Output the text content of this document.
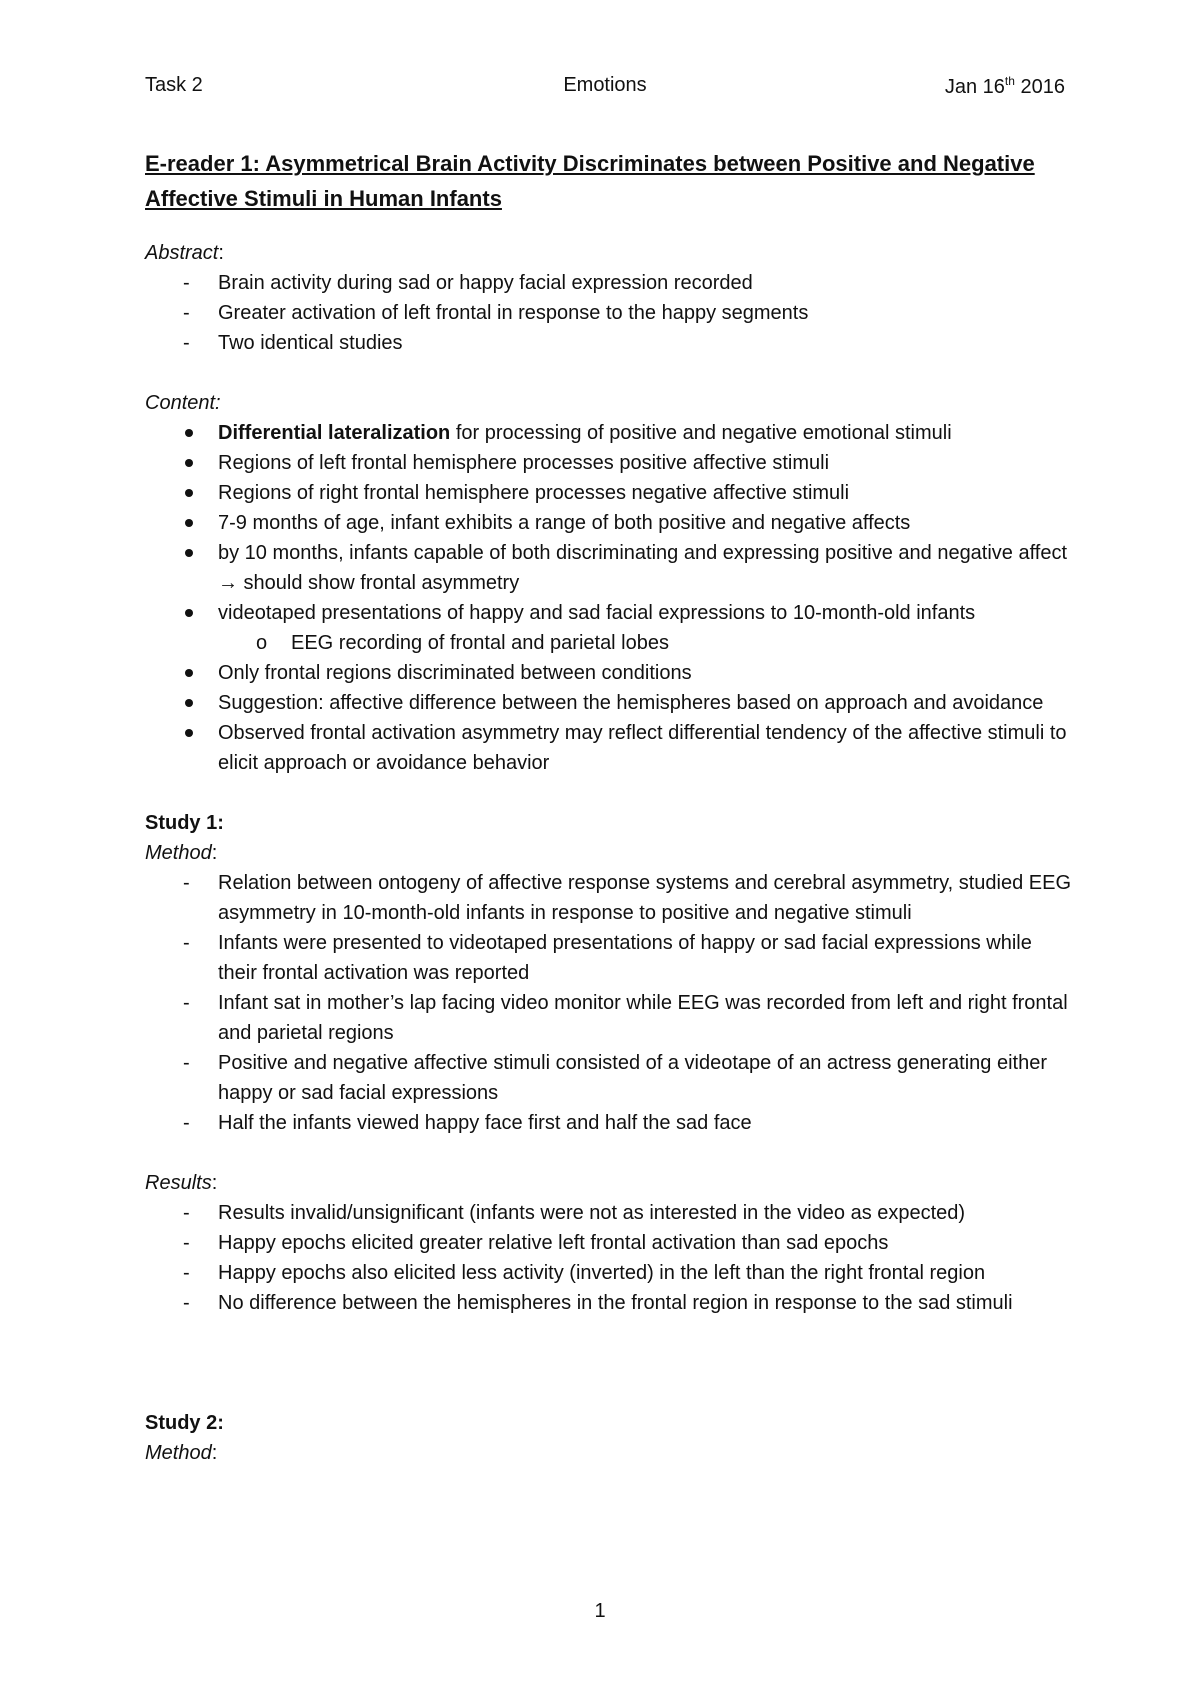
Task 2	Emotions	Jan 16th 2016
E-reader 1: Asymmetrical Brain Activity Discriminates between Positive and Negative Affective Stimuli in Human Infants
Abstract:
- Brain activity during sad or happy facial expression recorded
- Greater activation of left frontal in response to the happy segments
- Two identical studies
Content:
Differential lateralization for processing of positive and negative emotional stimuli
Regions of left frontal hemisphere processes positive affective stimuli
Regions of right frontal hemisphere processes negative affective stimuli
7-9 months of age, infant exhibits a range of both positive and negative affects
by 10 months, infants capable of both discriminating and expressing positive and negative affect → should show frontal asymmetry
videotaped presentations of happy and sad facial expressions to 10-month-old infants
o EEG recording of frontal and parietal lobes
Only frontal regions discriminated between conditions
Suggestion: affective difference between the hemispheres based on approach and avoidance
Observed frontal activation asymmetry may reflect differential tendency of the affective stimuli to elicit approach or avoidance behavior
Study 1:
Method:
- Relation between ontogeny of affective response systems and cerebral asymmetry, studied EEG asymmetry in 10-month-old infants in response to positive and negative stimuli
- Infants were presented to videotaped presentations of happy or sad facial expressions while their frontal activation was reported
- Infant sat in mother’s lap facing video monitor while EEG was recorded from left and right frontal and parietal regions
- Positive and negative affective stimuli consisted of a videotape of an actress generating either happy or sad facial expressions
- Half the infants viewed happy face first and half the sad face
Results:
- Results invalid/unsignificant (infants were not as interested in the video as expected)
- Happy epochs elicited greater relative left frontal activation than sad epochs
- Happy epochs also elicited less activity (inverted) in the left than the right frontal region
- No difference between the hemispheres in the frontal region in response to the sad stimuli
Study 2:
Method:
1
